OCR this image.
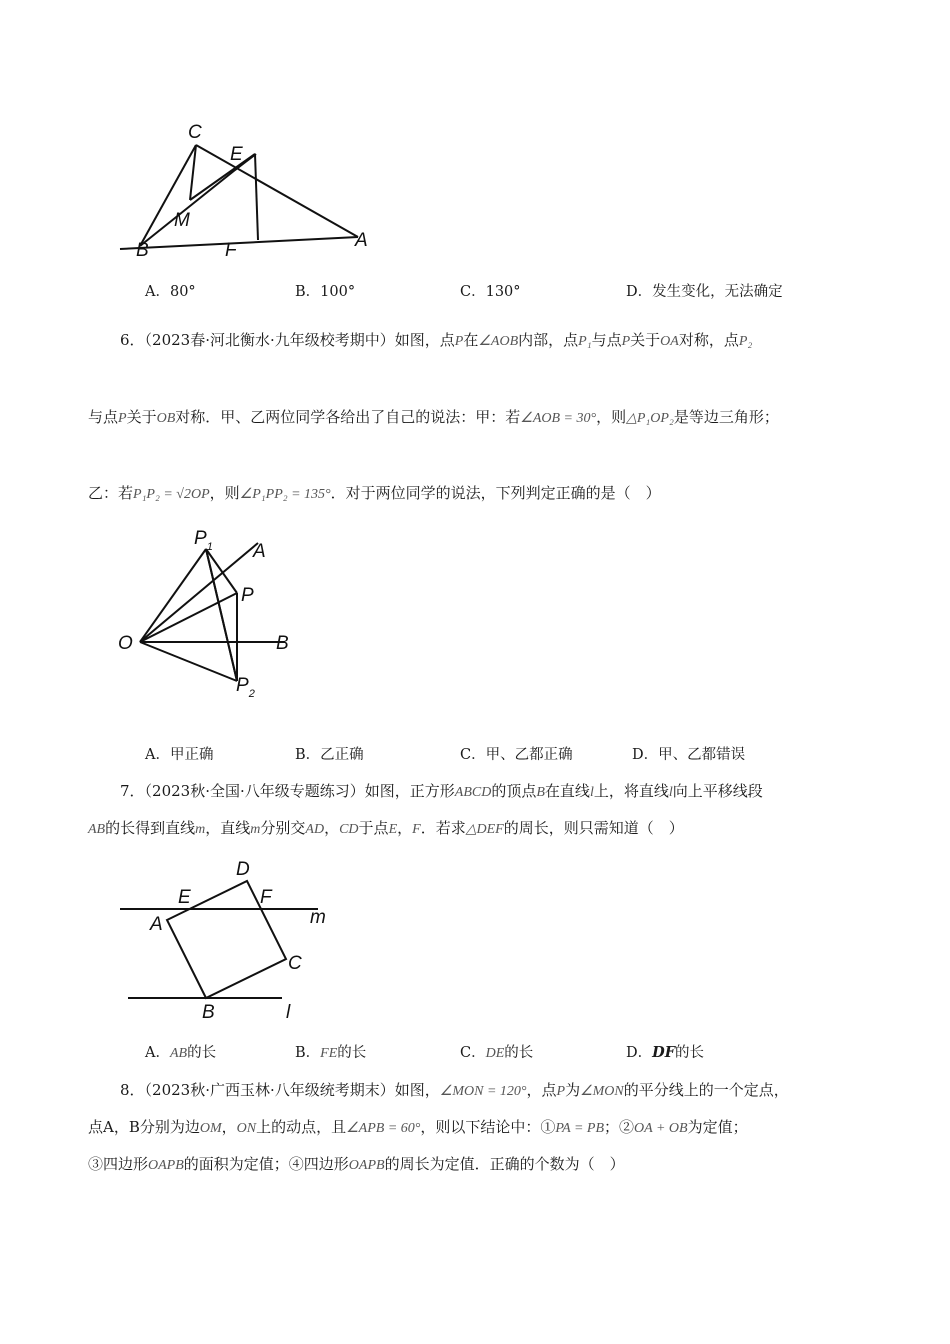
C
E
M
B	F	A
A．80°	B．100°	C．130°	D．发生变化，无法确定
6．（2023春·河北衡水·九年级校考期中）如图，点P在∠AOB内部，点P₁与点P关于OA对称，点P₂
与点P关于OB对称．甲、乙两位同学各给出了自己的说法：甲：若∠AOB = 30°，则△P₁OP₂是等边三角形；
乙：若P₁P₂ = √2OP，则∠P₁PP₂ = 135°．对于两位同学的说法，下列判定正确的是（　）
$P_1$ A
P
O	B
$P_2$
A．甲正确	B．乙正确	C．甲、乙都正确	D．甲、乙都错误
7．（2023秋·全国·八年级专题练习）如图，正方形ABCD的顶点B在直线l上，将直线l向上平移线段
AB的长得到直线m，直线m分别交AD，CD于点E，F．若求△DEF的周长，则只需知道（　）
D
E	F
m
A
C
B	l
A．AB的长	B．FE的长	C．DE的长	D．DF的长
8．（2023秋·广西玉林·八年级统考期末）如图，∠MON = 120°，点P为∠MON的平分线上的一个定点，
点A，B分别为边OM，ON上的动点，且∠APB = 60°，则以下结论中：①PA = PB；②OA + OB为定值；
③四边形OAPB的面积为定值；④四边形OAPB的周长为定值．正确的个数为（　）
